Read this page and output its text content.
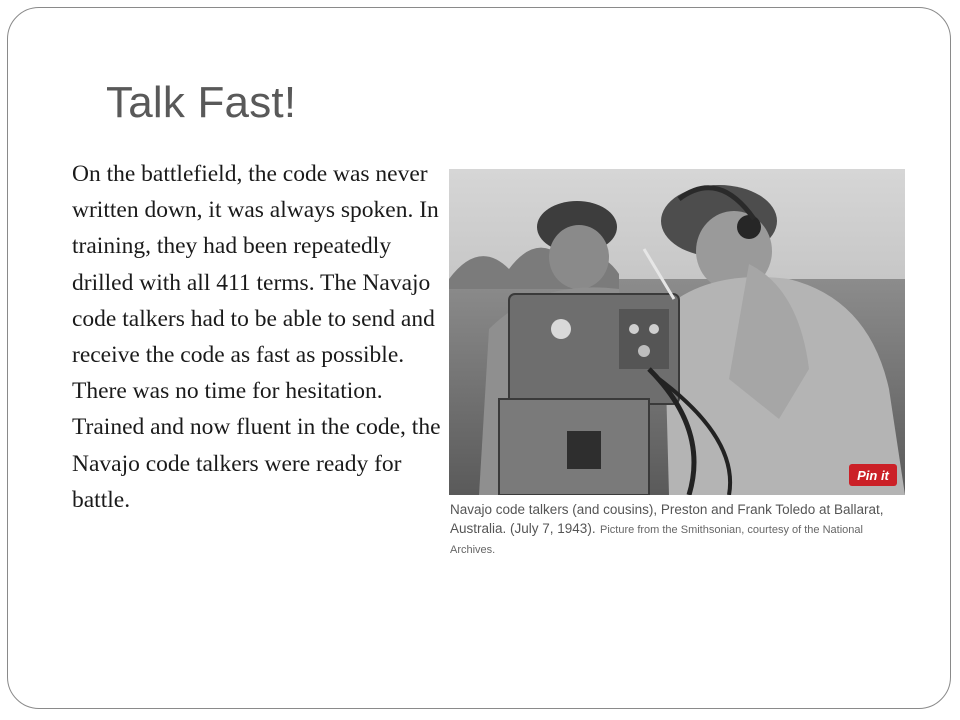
Talk Fast!
On the battlefield, the code was never written down, it was always spoken. In training, they had been repeatedly drilled with all 411 terms. The Navajo code talkers had to be able to send and receive the code as fast as possible. There was no time for hesitation. Trained and now fluent in the code, the Navajo code talkers were ready for battle.
Pin it
Navajo code talkers (and cousins), Preston and Frank Toledo at Ballarat, Australia. (July 7, 1943). Picture from the Smithsonian, courtesy of the National Archives.
